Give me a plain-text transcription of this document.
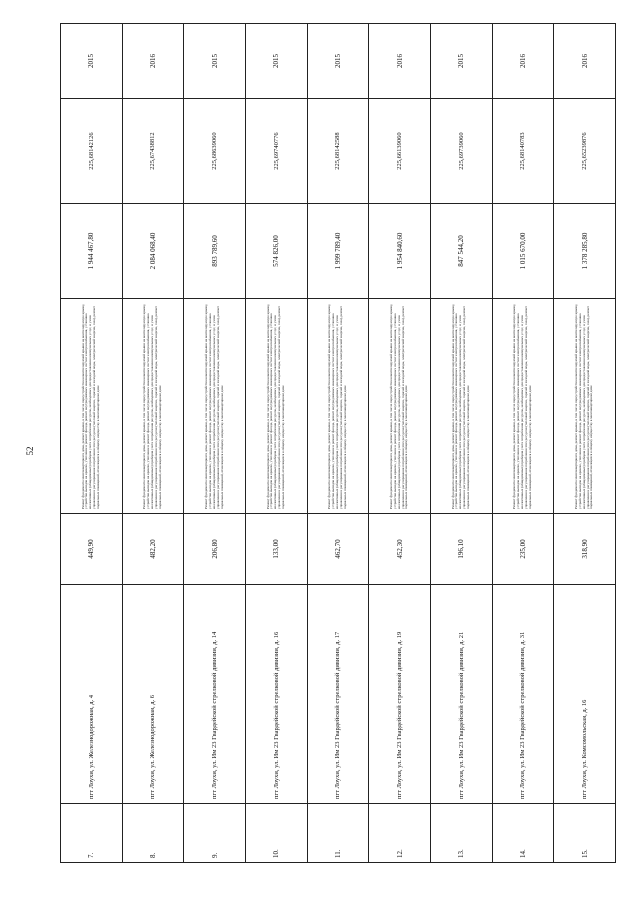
52
7.	пгт Лоухи, ул. Железнодорожная, д. 4	449,90	Ремонт фундамента многоквартирного дома, ремонт крыши, в том числе переустройство невентилируемой крыши на вентилируемую крышу, устройство выходов на кровлю, утепление и ремонт фасада, ремонт внутридомовых инженерных систем электроснабжения, установка коллективных (общедомовых) приборов учета потребления ресурсов, необходимых для предоставления коммунальных услуг, и узлов управления и регулирования потребления этих ресурсов (тепловой энергии, горячей и холодной воды, электрической энергии, газа), ремонт подвальных помещений, относящихся к общему имуществу в многоквартирном доме	1 944 467,80	225,68142126	2015
8.	пгт Лоухи, ул. Железнодорожная, д. 6	482,20	Ремонт фундамента многоквартирного дома, ремонт крыши, в том числе переустройство невентилируемой крыши на вентилируемую крышу, устройство выходов на кровлю, утепление и ремонт фасада, ремонт внутридомовых инженерных систем электроснабжения, установка коллективных (общедомовых) приборов учета потребления ресурсов, необходимых для предоставления коммунальных услуг, и узлов управления и регулирования потребления этих ресурсов (тепловой энергии, горячей и холодной воды, электрической энергии, газа), ремонт подвальных помещений, относящихся к общему имуществу в многоквартирном доме	2 084 068,40	225,67438812	2016
9.	пгт Лоухи, ул. Им 23 Гвардейской стрелковой дивизии, д. 14	206,80	Ремонт фундамента многоквартирного дома, ремонт крыши, в том числе переустройство невентилируемой крыши на вентилируемую крышу, устройство выходов на кровлю, утепление и ремонт фасада, ремонт внутридомовых инженерных систем электроснабжения, установка коллективных (общедомовых) приборов учета потребления ресурсов, необходимых для предоставления коммунальных услуг, и узлов управления и регулирования потребления этих ресурсов (тепловой энергии, горячей и холодной воды, электрической энергии, газа), ремонт подвальных помещений, относящихся к общему имуществу в многоквартирном доме	893 789,60	225,68639060	2015
10.	пгт Лоухи, ул. Им 23 Гвардейской стрелковой дивизии, д. 16	133,00	Ремонт фундамента многоквартирного дома, ремонт крыши, в том числе переустройство невентилируемой крыши на вентилируемую крышу, устройство выходов на кровлю, утепление и ремонт фасада, ремонт внутридомовых инженерных систем электроснабжения, установка коллективных (общедомовых) приборов учета потребления ресурсов, необходимых для предоставления коммунальных услуг, и узлов управления и регулирования потребления этих ресурсов (тепловой энергии, горячей и холодной воды, электрической энергии, газа), ремонт подвальных помещений, относящихся к общему имуществу в многоквартирном доме	574 826,00	225,69740776	2015
11.	пгт Лоухи, ул. Им 23 Гвардейской стрелковой дивизии, д. 17	462,70	Ремонт фундамента многоквартирного дома, ремонт крыши, в том числе переустройство невентилируемой крыши на вентилируемую крышу, устройство выходов на кровлю, утепление и ремонт фасада, ремонт внутридомовых инженерных систем электроснабжения, установка коллективных (общедомовых) приборов учета потребления ресурсов, необходимых для предоставления коммунальных услуг, и узлов управления и регулирования потребления этих ресурсов (тепловой энергии, горячей и холодной воды, электрической энергии, газа), ремонт подвальных помещений, относящихся к общему имуществу в многоквартирном доме	1 999 789,40	225,68142588	2015
12.	пгт Лоухи, ул. Им 23 Гвардейской стрелковой дивизии, д. 19	452,30	Ремонт фундамента многоквартирного дома, ремонт крыши, в том числе переустройство невентилируемой крыши на вентилируемую крышу, устройство выходов на кровлю, утепление и ремонт фасада, ремонт внутридомовых инженерных систем электроснабжения, установка коллективных (общедомовых) приборов учета потребления ресурсов, необходимых для предоставления коммунальных услуг, и узлов управления и регулирования потребления этих ресурсов (тепловой энергии, горячей и холодной воды, электрической энергии, газа), ремонт подвальных помещений, относящихся к общему имуществу в многоквартирном доме	1 954 840,60	225,66139060	2016
13.	пгт Лоухи, ул. Им 23 Гвардейской стрелковой дивизии, д. 21	196,10	Ремонт фундамента многоквартирного дома, ремонт крыши, в том числе переустройство невентилируемой крыши на вентилируемую крышу, устройство выходов на кровлю, утепление и ремонт фасада, ремонт внутридомовых инженерных систем электроснабжения, установка коллективных (общедомовых) приборов учета потребления ресурсов, необходимых для предоставления коммунальных услуг, и узлов управления и регулирования потребления этих ресурсов (тепловой энергии, горячей и холодной воды, электрической энергии, газа), ремонт подвальных помещений, относящихся к общему имуществу в многоквартирном доме	847 544,20	225,69739060	2015
14.	пгт Лоухи, ул. Им 23 Гвардейской стрелковой дивизии, д. 31	235,00	Ремонт фундамента многоквартирного дома, ремонт крыши, в том числе переустройство невентилируемой крыши на вентилируемую крышу, устройство выходов на кровлю, утепление и ремонт фасада, ремонт внутридомовых инженерных систем электроснабжения, установка коллективных (общедомовых) приборов учета потребления ресурсов, необходимых для предоставления коммунальных услуг, и узлов управления и регулирования потребления этих ресурсов (тепловой энергии, горячей и холодной воды, электрической энергии, газа), ремонт подвальных помещений, относящихся к общему имуществу в многоквартирном доме	1 015 670,00	225,68140783	2016
15.	пгт Лоухи, ул. Комсомольская, д. 16	318,90	Ремонт фундамента многоквартирного дома, ремонт крыши, в том числе переустройство невентилируемой крыши на вентилируемую крышу, устройство выходов на кровлю, утепление и ремонт фасада, ремонт внутридомовых инженерных систем электроснабжения, установка коллективных (общедомовых) приборов учета потребления ресурсов, необходимых для предоставления коммунальных услуг, и узлов управления и регулирования потребления этих ресурсов (тепловой энергии, горячей и холодной воды, электрической энергии, газа), ремонт подвальных помещений, относящихся к общему имуществу в многоквартирном доме	1 378 285,80	225,65239876	2016
